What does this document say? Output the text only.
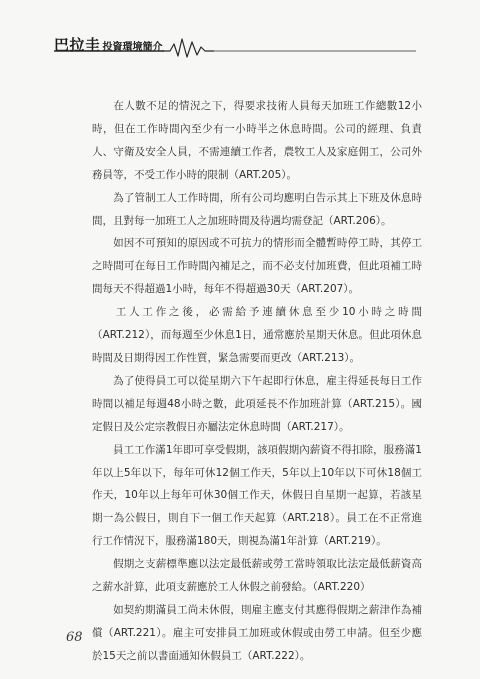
巴拉圭 投資環境簡介

在人數不足的情況之下，得要求技術人員每天加班工作總數12小時，但在工作時間內至少有一小時半之休息時間。公司的經理、負責人、守衛及安全人員，不需連續工作者，農牧工人及家庭佣工，公司外務員等，不受工作小時的限制（ART.205）。

為了管制工人工作時間，所有公司均應明白告示其上下班及休息時間，且對每一加班工人之加班時間及待遇均需登記（ART.206）。

如因不可預知的原因或不可抗力的情形而全體暫時停工時，其停工之時間可在每日工作時間內補足之，而不必支付加班費，但此項補工時間每天不得超過1小時，每年不得超過30天（ART.207）。

工人工作之後，必需給予連續休息至少10小時之時間（ART.212），而每週至少休息1日，通常應於星期天休息。但此項休息時間及日期得因工作性質，緊急需要而更改（ART.213）。

為了使得員工可以從星期六下午起即行休息，雇主得延長每日工作時間以補足每週48小時之數，此項延長不作加班計算（ART.215）。國定假日及公定宗教假日亦屬法定休息時間（ART.217）。

員工工作滿1年即可享受假期，該項假期內薪資不得扣除，服務滿1年以上5年以下，每年可休12個工作天，5年以上10年以下可休18個工作天，10年以上每年可休30個工作天，休假日自星期一起算，若該星期一為公假日，則自下一個工作天起算（ART.218）。員工在不正常進行工作情況下，服務滿180天，則視為滿1年計算（ART.219）。

假期之支薪標準應以法定最低薪或勞工當時領取比法定最低薪資高之薪水計算，此項支薪應於工人休假之前發給。（ART.220）

如契約期滿員工尚未休假，則雇主應支付其應得假期之薪津作為補償（ART.221）。雇主可安排員工加班或休假或由勞工申請。但至少應於15天之前以書面通知休假員工（ART.222）。

68
